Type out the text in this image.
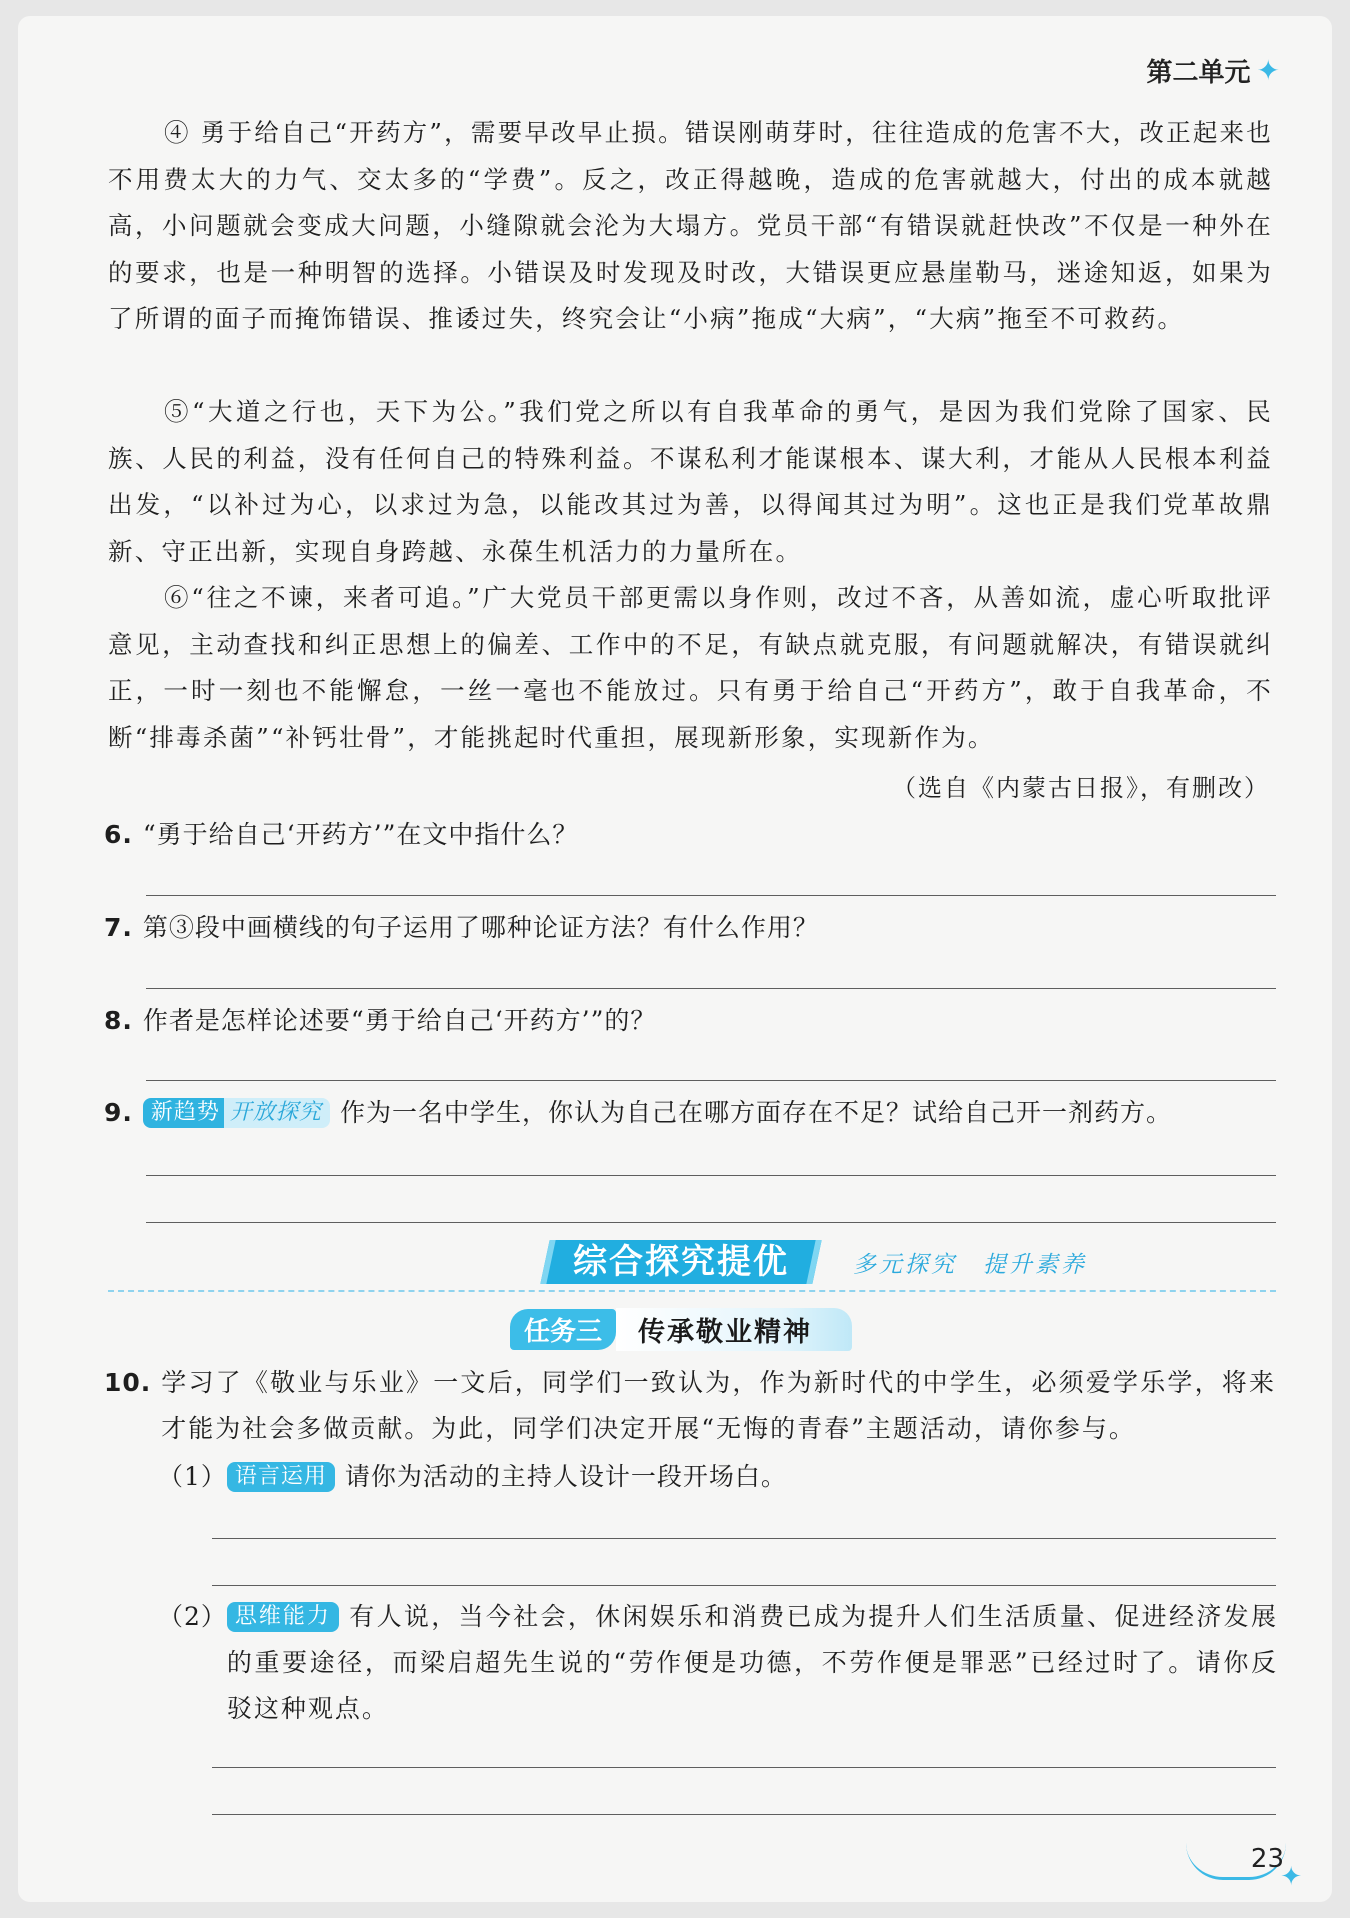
第二单元 ✦

④ 勇于给自己“开药方”，需要早改早止损。错误刚萌芽时，往往造成的危害不大，改正起来也不用费太大的力气、交太多的“学费”。反之，改正得越晚，造成的危害就越大，付出的成本就越高，小问题就会变成大问题，小缝隙就会沦为大塌方。党员干部“有错误就赶快改”不仅是一种外在的要求，也是一种明智的选择。小错误及时发现及时改，大错误更应悬崖勒马，迷途知返，如果为了所谓的面子而掩饰错误、推诿过失，终究会让“小病”拖成“大病”，“大病”拖至不可救药。

⑤“大道之行也，天下为公。”我们党之所以有自我革命的勇气，是因为我们党除了国家、民族、人民的利益，没有任何自己的特殊利益。不谋私利才能谋根本、谋大利，才能从人民根本利益出发，“以补过为心，以求过为急，以能改其过为善，以得闻其过为明”。这也正是我们党革故鼎新、守正出新，实现自身跨越、永葆生机活力的力量所在。

⑥“往之不谏，来者可追。”广大党员干部更需以身作则，改过不吝，从善如流，虚心听取批评意见，主动查找和纠正思想上的偏差、工作中的不足，有缺点就克服，有问题就解决，有错误就纠正，一时一刻也不能懈怠，一丝一毫也不能放过。只有勇于给自己“开药方”，敢于自我革命，不断“排毒杀菌”“补钙壮骨”，才能挑起时代重担，展现新形象，实现新作为。

（选自《内蒙古日报》，有删改）
6. “勇于给自己‘开药方’”在文中指什么？
7. 第③段中画横线的句子运用了哪种论证方法？有什么作用？
8. 作者是怎样论述要“勇于给自己‘开药方’”的？
9. 新趋势 开放探究 作为一名中学生，你认为自己在哪方面存在不足？试给自己开一剂药方。
综合探究提优	多元探究 提升素养
任务三	传承敬业精神
10. 学习了《敬业与乐业》一文后，同学们一致认为，作为新时代的中学生，必须爱学乐学，将来才能为社会多做贡献。为此，同学们决定开展“无悔的青春”主题活动，请你参与。
（1） 语言运用 请你为活动的主持人设计一段开场白。
（2） 思维能力 有人说，当今社会，休闲娱乐和消费已成为提升人们生活质量、促进经济发展的重要途径，而梁启超先生说的“劳作便是功德，不劳作便是罪恶”已经过时了。请你反驳这种观点。
23
✦
